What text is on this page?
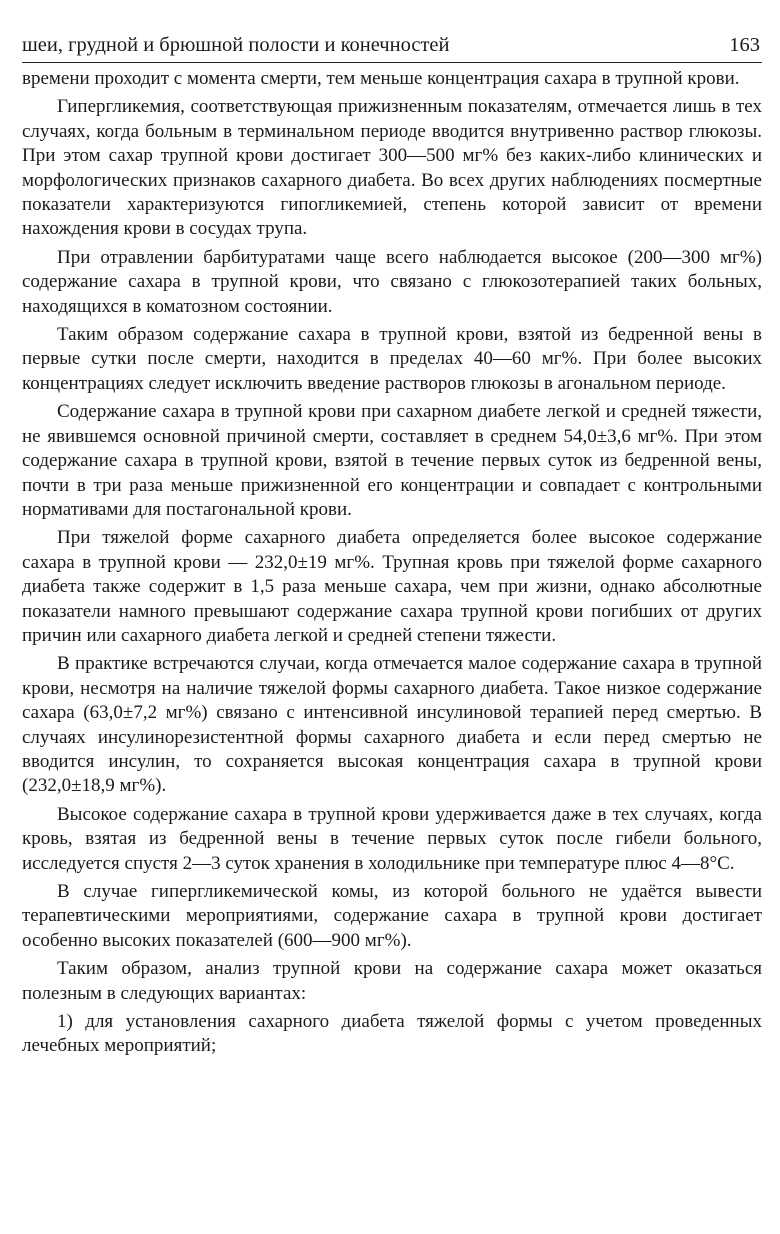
шеи, грудной и брюшной полости и конечностей	163

времени проходит с момента смерти, тем меньше концентрация сахара в трупной крови.

Гипергликемия, соответствующая прижизненным показателям, отмечается лишь в тех случаях, когда больным в терминальном периоде вводится внутривенно раствор глюкозы. При этом сахар трупной крови достигает 300—500 мг% без каких-либо клинических и морфологических признаков сахарного диабета. Во всех других наблюдениях посмертные показатели характеризуются гипогликемией, степень которой зависит от времени нахождения крови в сосудах трупа.

При отравлении барбитуратами чаще всего наблюдается высокое (200—300 мг%) содержание сахара в трупной крови, что связано с глюкозотерапией таких больных, находящихся в коматозном состоянии.

Таким образом содержание сахара в трупной крови, взятой из бедренной вены в первые сутки после смерти, находится в пределах 40—60 мг%. При более высоких концентрациях следует исключить введение растворов глюкозы в агональном периоде.

Содержание сахара в трупной крови при сахарном диабете легкой и средней тяжести, не явившемся основной причиной смерти, составляет в среднем 54,0±3,6 мг%. При этом содержание сахара в трупной крови, взятой в течение первых суток из бедренной вены, почти в три раза меньше прижизненной его концентрации и совпадает с контрольными нормативами для постагональной крови.

При тяжелой форме сахарного диабета определяется более высокое содержание сахара в трупной крови — 232,0±19 мг%. Трупная кровь при тяжелой форме сахарного диабета также содержит в 1,5 раза меньше сахара, чем при жизни, однако абсолютные показатели намного превышают содержание сахара трупной крови погибших от других причин или сахарного диабета легкой и средней степени тяжести.

В практике встречаются случаи, когда отмечается малое содержание сахара в трупной крови, несмотря на наличие тяжелой формы сахарного диабета. Такое низкое содержание сахара (63,0±7,2 мг%) связано с интенсивной инсулиновой терапией перед смертью. В случаях инсулинорезистентной формы сахарного диабета и если перед смертью не вводится инсулин, то сохраняется высокая концентрация сахара в трупной крови (232,0±18,9 мг%).

Высокое содержание сахара в трупной крови удерживается даже в тех случаях, когда кровь, взятая из бедренной вены в течение первых суток после гибели больного, исследуется спустя 2—3 суток хранения в холодильнике при температуре плюс 4—8°С.

В случае гипергликемической комы, из которой больного не удаётся вывести терапевтическими мероприятиями, содержание сахара в трупной крови достигает особенно высоких показателей (600—900 мг%).

Таким образом, анализ трупной крови на содержание сахара может оказаться полезным в следующих вариантах:

1) для установления сахарного диабета тяжелой формы с учетом проведенных лечебных мероприятий;
